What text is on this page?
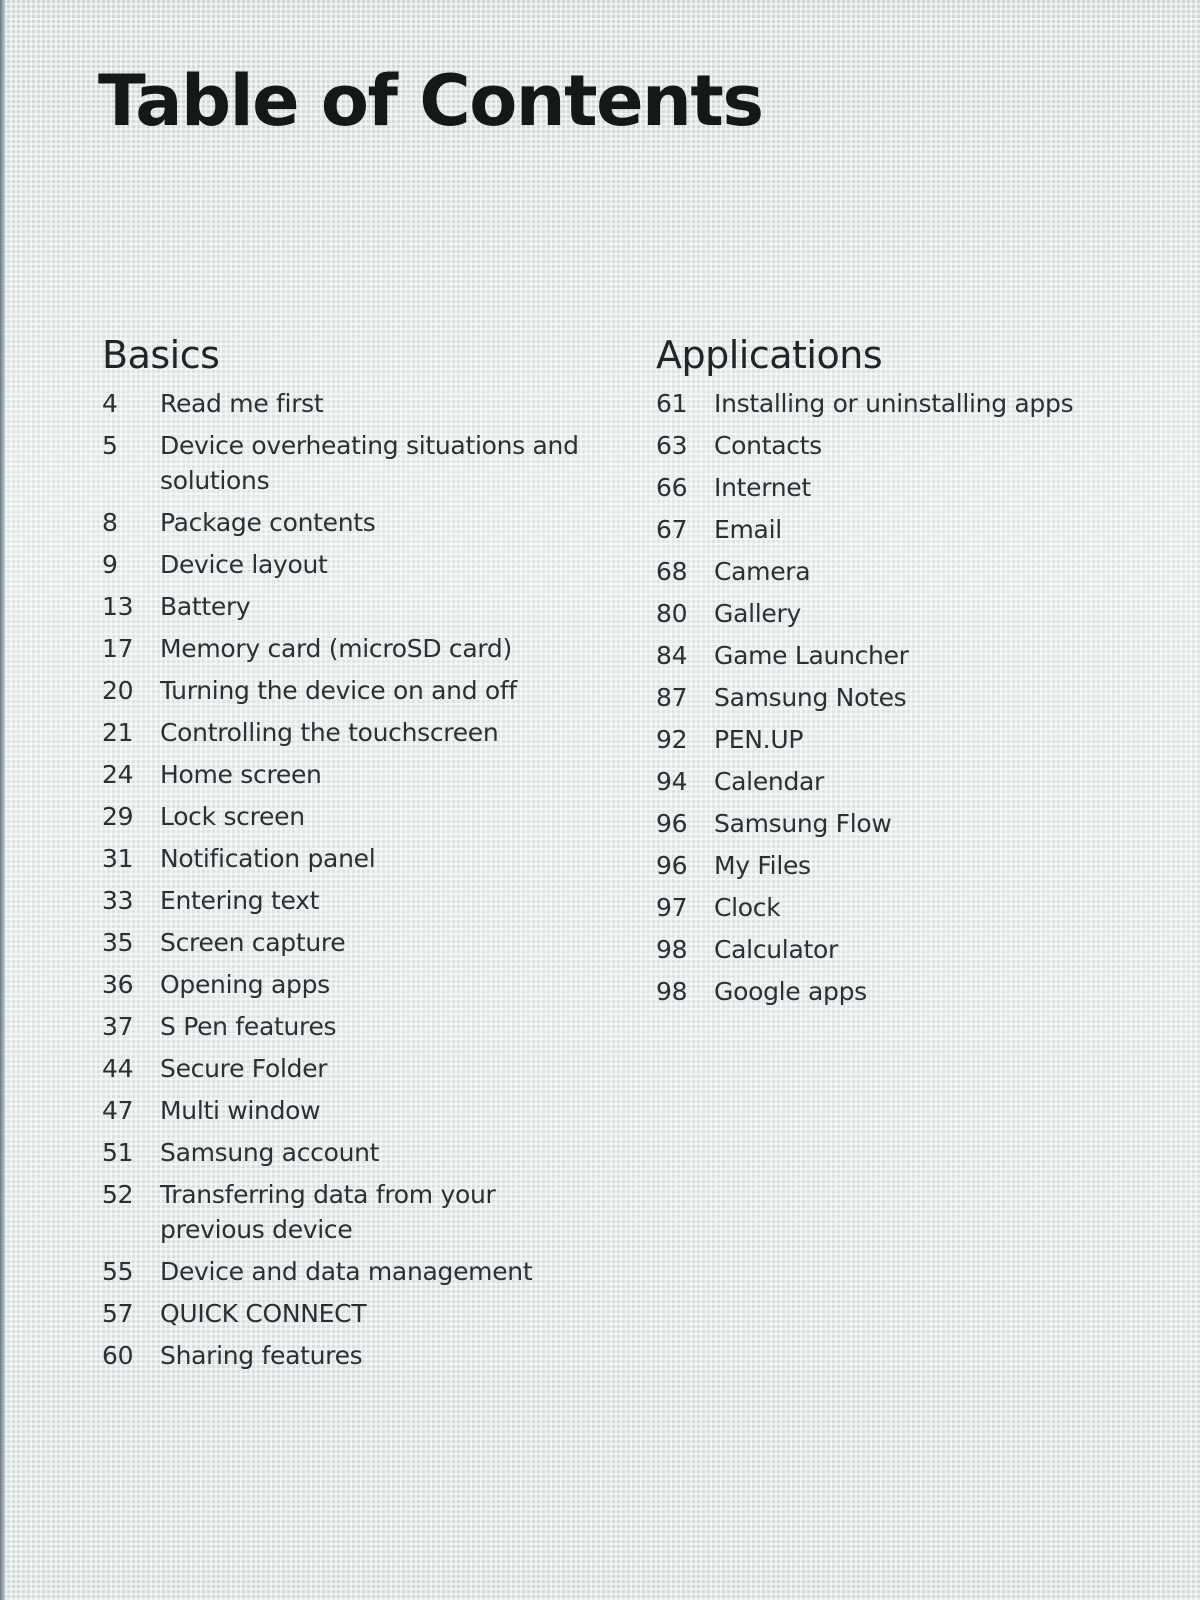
Table of Contents
Basics
4	Read me first
5	Device overheating situations and solutions
8	Package contents
9	Device layout
13	Battery
17	Memory card (microSD card)
20	Turning the device on and off
21	Controlling the touchscreen
24	Home screen
29	Lock screen
31	Notification panel
33	Entering text
35	Screen capture
36	Opening apps
37	S Pen features
44	Secure Folder
47	Multi window
51	Samsung account
52	Transferring data from your previous device
55	Device and data management
57	QUICK CONNECT
60	Sharing features
Applications
61	Installing or uninstalling apps
63	Contacts
66	Internet
67	Email
68	Camera
80	Gallery
84	Game Launcher
87	Samsung Notes
92	PEN.UP
94	Calendar
96	Samsung Flow
96	My Files
97	Clock
98	Calculator
98	Google apps
